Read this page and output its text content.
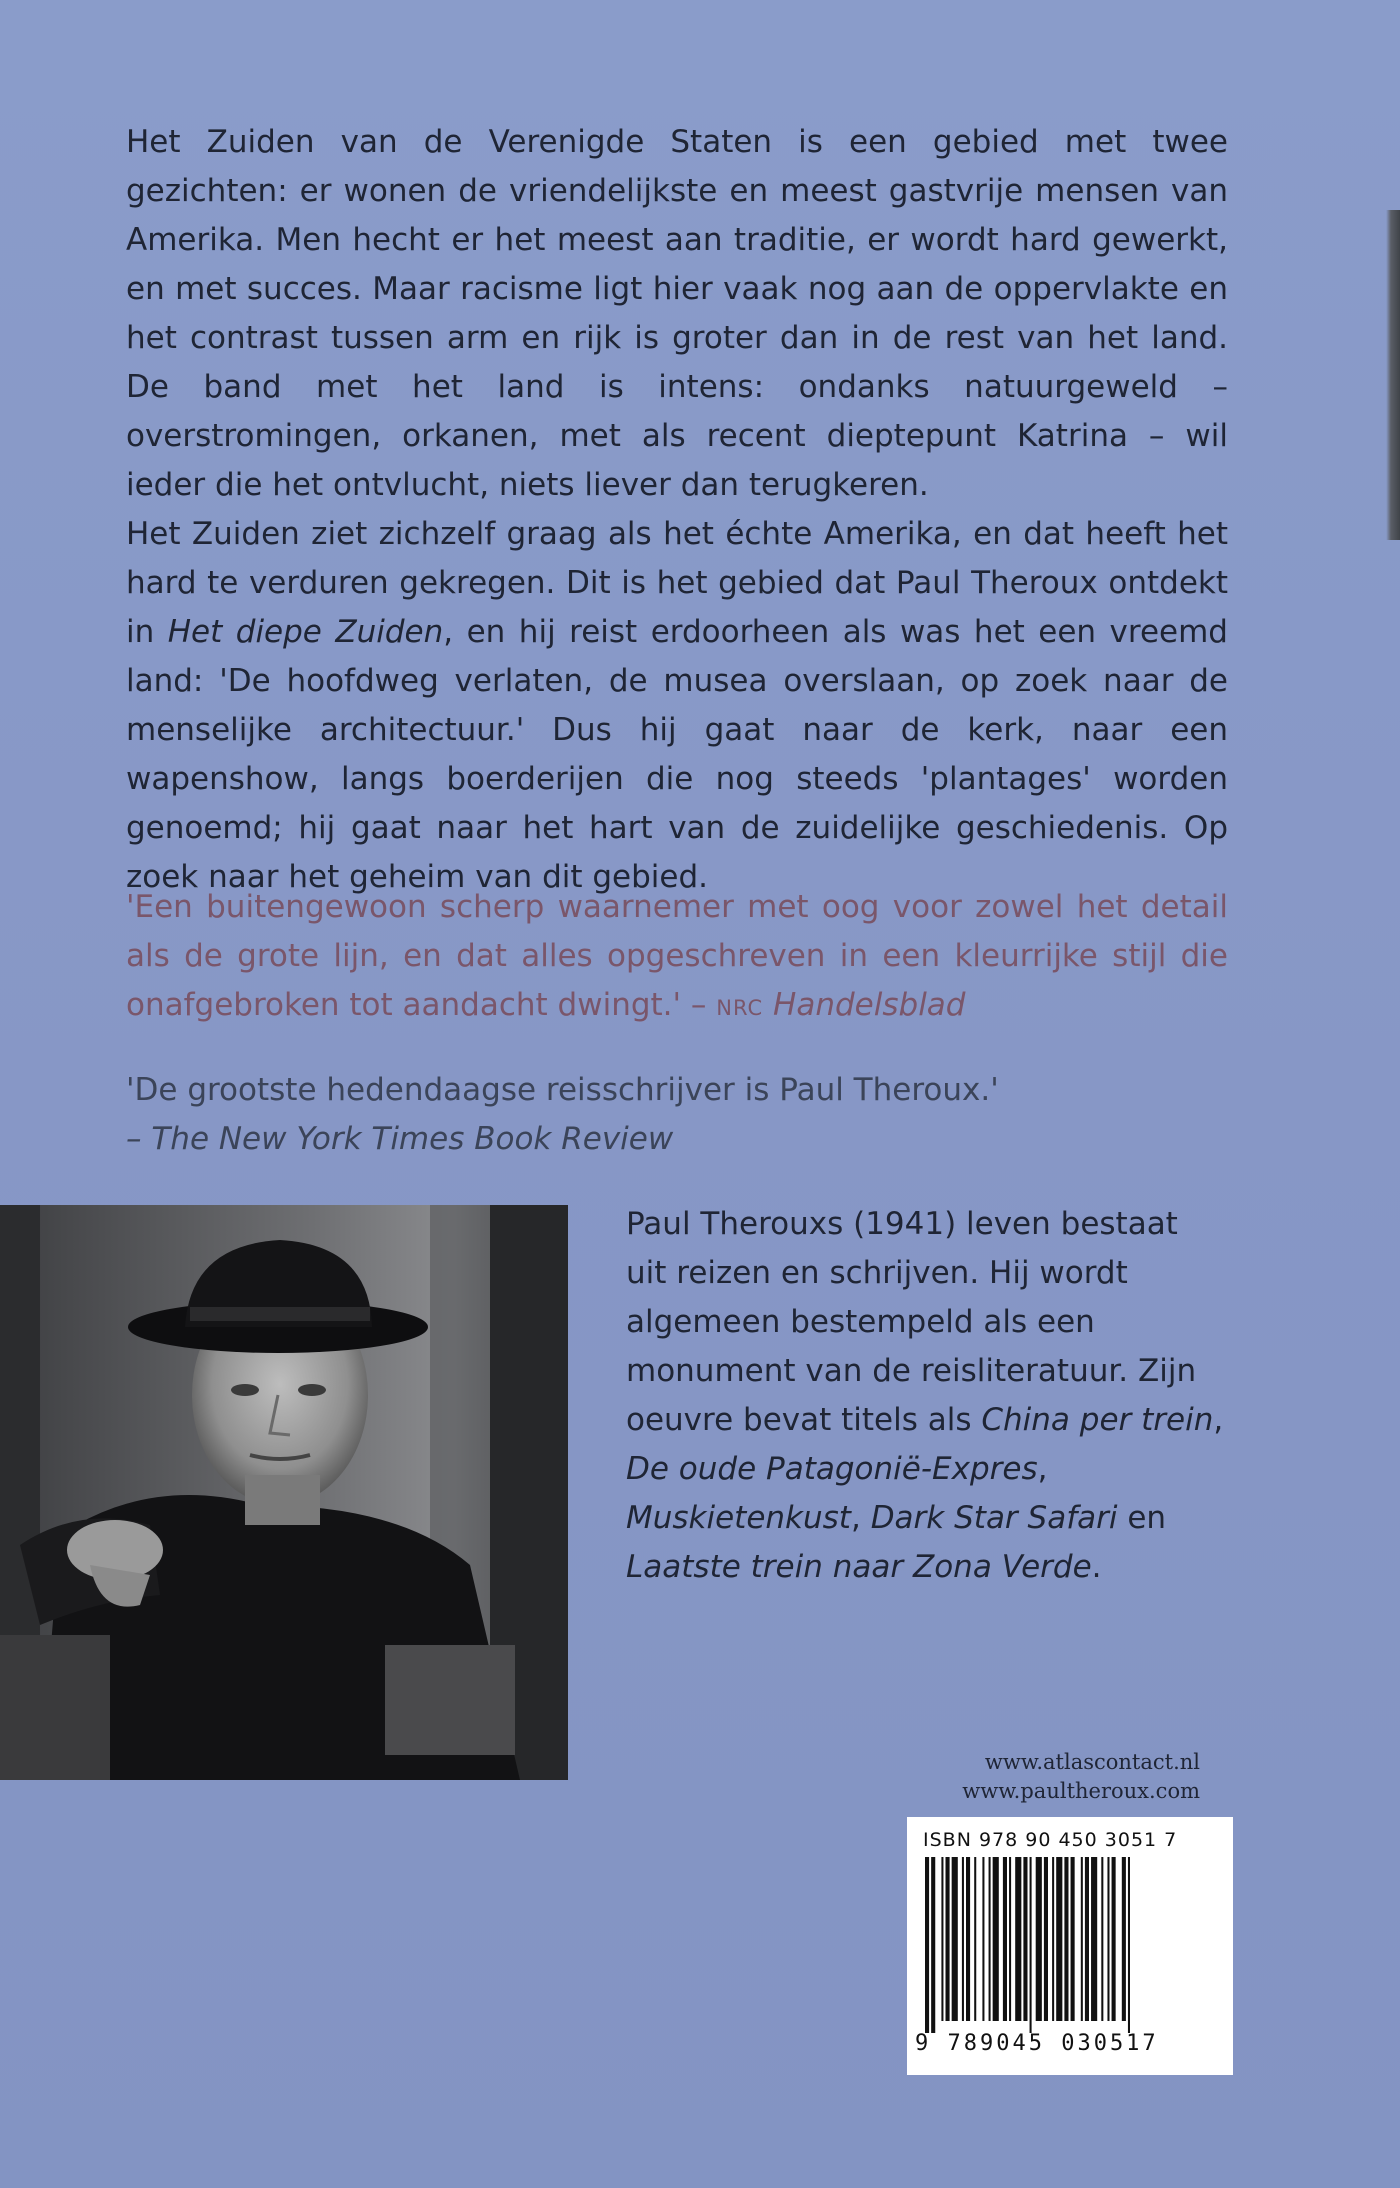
Het Zuiden van de Verenigde Staten is een gebied met twee gezichten: er wonen de vriendelijkste en meest gastvrije mensen van Amerika. Men hecht er het meest aan traditie, er wordt hard gewerkt, en met succes. Maar racisme ligt hier vaak nog aan de oppervlakte en het contrast tussen arm en rijk is groter dan in de rest van het land. De band met het land is intens: ondanks natuurgeweld – overstromingen, orkanen, met als recent dieptepunt Katrina – wil ieder die het ontvlucht, niets liever dan terugkeren.

Het Zuiden ziet zichzelf graag als het échte Amerika, en dat heeft het hard te verduren gekregen. Dit is het gebied dat Paul Theroux ontdekt in Het diepe Zuiden, en hij reist erdoorheen als was het een vreemd land: 'De hoofdweg verlaten, de musea overslaan, op zoek naar de menselijke architectuur.' Dus hij gaat naar de kerk, naar een wapenshow, langs boerderijen die nog steeds 'plantages' worden genoemd; hij gaat naar het hart van de zuidelijke geschiedenis. Op zoek naar het geheim van dit gebied.

'Een buitengewoon scherp waarnemer met oog voor zowel het detail als de grote lijn, en dat alles opgeschreven in een kleurrijke stijl die onafgebroken tot aandacht dwingt.' – NRC Handelsblad

'De grootste hedendaagse reisschrijver is Paul Theroux.'

– The New York Times Book Review

Paul Therouxs (1941) leven bestaat uit reizen en schrijven. Hij wordt algemeen bestempeld als een monument van de reisliteratuur. Zijn oeuvre bevat titels als China per trein, De oude Patagonië-Expres, Muskietenkust, Dark Star Safari en Laatste trein naar Zona Verde.

www.atlascontact.nl
www.paultheroux.com
ISBN 978 90 450 3051 7
9 789045 030517
